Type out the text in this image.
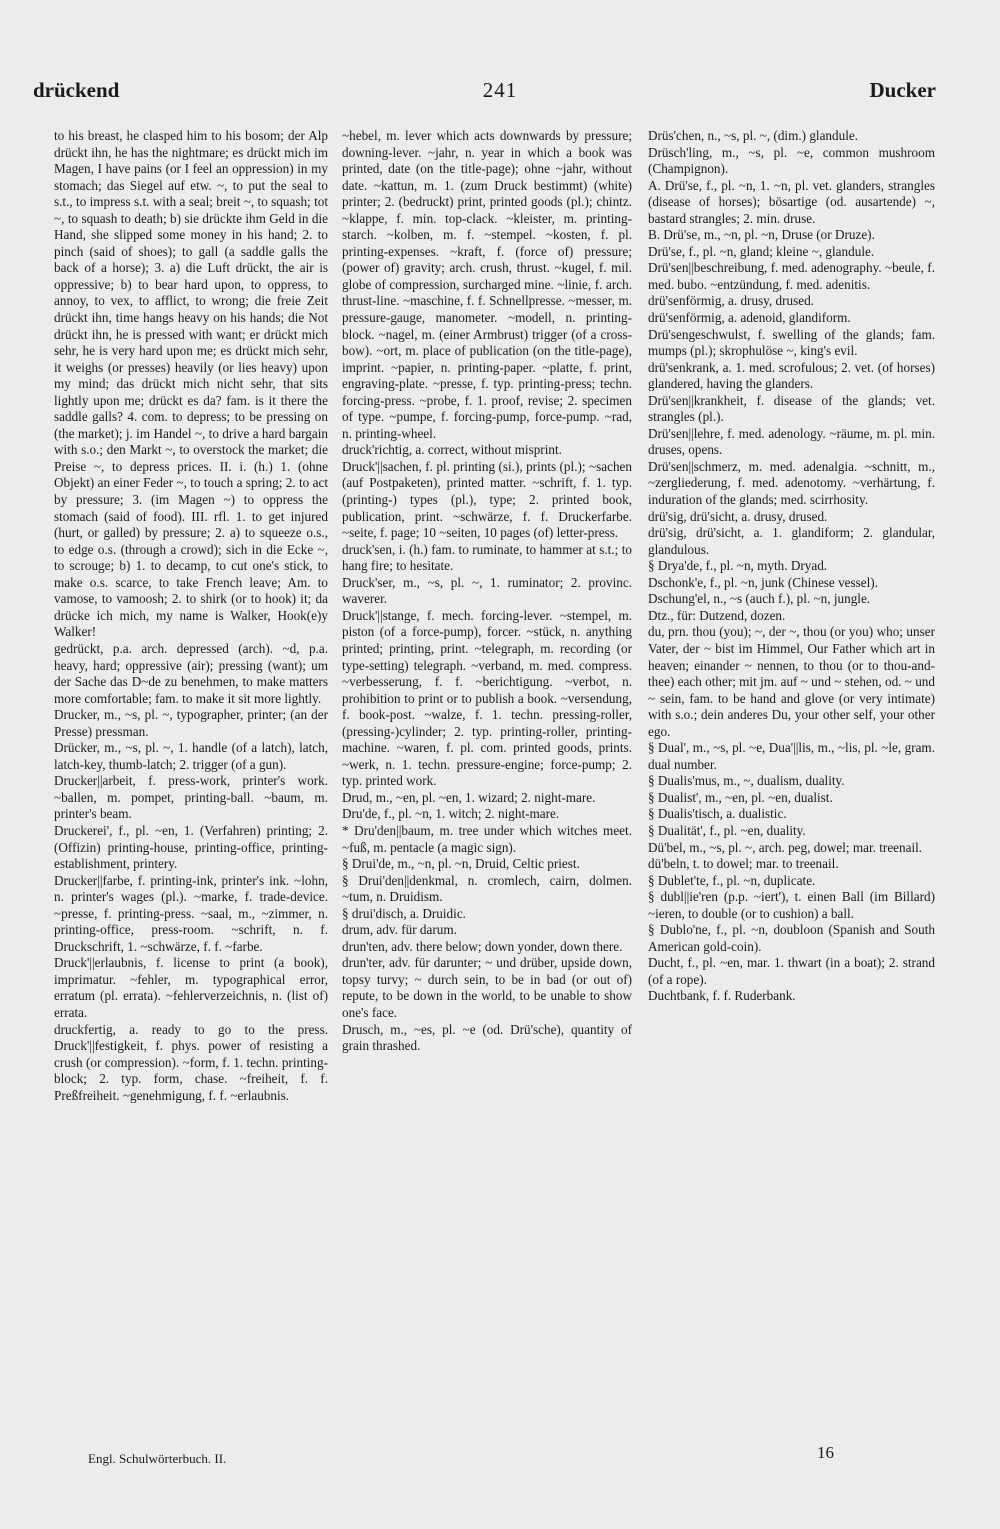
drückend	241	Ducker

to his breast, he clasped him to his bosom; der Alp drückt ihn, he has the nightmare; es drückt mich im Magen, I have pains (or I feel an oppression) in my stomach; das Siegel auf etw. ~, to put the seal to s.t., to impress s.t. with a seal; breit ~, to squash; tot ~, to squash to death; b) sie drückte ihm Geld in die Hand, she slipped some money in his hand; 2. to pinch (said of shoes); to gall (a saddle galls the back of a horse); 3. a) die Luft drückt, the air is oppressive; b) to bear hard upon, to oppress, to annoy, to vex, to afflict, to wrong; die freie Zeit drückt ihn, time hangs heavy on his hands; die Not drückt ihn, he is pressed with want; er drückt mich sehr, he is very hard upon me; es drückt mich sehr, it weighs (or presses) heavily (or lies heavy) upon my mind; das drückt mich nicht sehr, that sits lightly upon me; drückt es da? fam. is it there the saddle galls? 4. com. to depress; to be pressing on (the market); j. im Handel ~, to drive a hard bargain with s.o.; den Markt ~, to overstock the market; die Preise ~, to depress prices. II. i. (h.) 1. (ohne Objekt) an einer Feder ~, to touch a spring; 2. to act by pressure; 3. (im Magen ~) to oppress the stomach (said of food). III. rfl. 1. to get injured (hurt, or galled) by pressure; 2. a) to squeeze o.s., to edge o.s. (through a crowd); sich in die Ecke ~, to scrouge; b) 1. to decamp, to cut one's stick, to make o.s. scarce, to take French leave; Am. to vamose, to vamoosh; 2. to shirk (or to hook) it; da drücke ich mich, my name is Walker, Hook(e)y Walker!

gedrückt, p.a. arch. depressed (arch). ~d, p.a. heavy, hard; oppressive (air); pressing (want); um der Sache das D~de zu benehmen, to make matters more comfortable; fam. to make it sit more lightly.

Drucker, m., ~s, pl. ~, typographer, printer; (an der Presse) pressman.

Drücker, m., ~s, pl. ~, 1. handle (of a latch), latch, latch-key, thumb-latch; 2. trigger (of a gun).

Drucker||arbeit, f. press-work, printer's work. ~ballen, m. pompet, printing-ball. ~baum, m. printer's beam.

Druckerei', f., pl. ~en, 1. (Verfahren) printing; 2. (Offizin) printing-house, printing-office, printing-establishment, printery.

Drucker||farbe, f. printing-ink, printer's ink. ~lohn, n. printer's wages (pl.). ~marke, f. trade-device. ~presse, f. printing-press. ~saal, m., ~zimmer, n. printing-office, press-room. ~schrift, n. f. Druckschrift, 1. ~schwärze, f. f. ~farbe.

Druck'||erlaubnis, f. license to print (a book), imprimatur. ~fehler, m. typographical error, erratum (pl. errata). ~fehlerverzeichnis, n. (list of) errata.

druckfertig, a. ready to go to the press. Druck'||festigkeit, f. phys. power of resisting a crush (or compression). ~form, f. 1. techn. printing-block; 2. typ. form, chase. ~freiheit, f. f. Preßfreiheit. ~genehmigung, f. f. ~erlaubnis.

~hebel, m. lever which acts downwards by pressure; downing-lever. ~jahr, n. year in which a book was printed, date (on the title-page); ohne ~jahr, without date. ~kattun, m. 1. (zum Druck bestimmt) (white) printer; 2. (bedruckt) print, printed goods (pl.); chintz. ~klappe, f. min. top-clack. ~kleister, m. printing-starch. ~kolben, m. f. ~stempel. ~kosten, f. pl. printing-expenses. ~kraft, f. (force of) pressure; (power of) gravity; arch. crush, thrust. ~kugel, f. mil. globe of compression, surcharged mine. ~linie, f. arch. thrust-line. ~maschine, f. f. Schnellpresse. ~messer, m. pressure-gauge, manometer. ~modell, n. printing-block. ~nagel, m. (einer Armbrust) trigger (of a cross-bow). ~ort, m. place of publication (on the title-page), imprint. ~papier, n. printing-paper. ~platte, f. print, engraving-plate. ~presse, f. typ. printing-press; techn. forcing-press. ~probe, f. 1. proof, revise; 2. specimen of type. ~pumpe, f. forcing-pump, force-pump. ~rad, n. printing-wheel.

druck'richtig, a. correct, without misprint.

Druck'||sachen, f. pl. printing (si.), prints (pl.); ~sachen (auf Postpaketen), printed matter. ~schrift, f. 1. typ. (printing-) types (pl.), type; 2. printed book, publication, print. ~schwärze, f. f. Druckerfarbe. ~seite, f. page; 10 ~seiten, 10 pages (of) letter-press.

druck'sen, i. (h.) fam. to ruminate, to hammer at s.t.; to hang fire; to hesitate.

Druck'ser, m., ~s, pl. ~, 1. ruminator; 2. provinc. waverer.

Druck'||stange, f. mech. forcing-lever. ~stempel, m. piston (of a force-pump), forcer. ~stück, n. anything printed; printing, print. ~telegraph, m. recording (or type-setting) telegraph. ~verband, m. med. compress. ~verbesserung, f. f. ~berichtigung. ~verbot, n. prohibition to print or to publish a book. ~versendung, f. book-post. ~walze, f. 1. techn. pressing-roller, (pressing-)cylinder; 2. typ. printing-roller, printing-machine. ~waren, f. pl. com. printed goods, prints. ~werk, n. 1. techn. pressure-engine; force-pump; 2. typ. printed work.

Drud, m., ~en, pl. ~en, 1. wizard; 2. night-mare.

Dru'de, f., pl. ~n, 1. witch; 2. night-mare.

* Dru'den||baum, m. tree under which witches meet. ~fuß, m. pentacle (a magic sign).

§ Drui'de, m., ~n, pl. ~n, Druid, Celtic priest.

§ Drui'den||denkmal, n. cromlech, cairn, dolmen. ~tum, n. Druidism.

§ drui'disch, a. Druidic.

drum, adv. für darum.

drun'ten, adv. there below; down yonder, down there.

drun'ter, adv. für darunter; ~ und drüber, upside down, topsy turvy; ~ durch sein, to be in bad (or out of) repute, to be down in the world, to be unable to show one's face.

Drusch, m., ~es, pl. ~e (od. Drü'sche), quantity of grain thrashed.

Drüs'chen, n., ~s, pl. ~, (dim.) glandule.

Drüsch'ling, m., ~s, pl. ~e, common mushroom (Champignon).

A. Drü'se, f., pl. ~n, 1. ~n, pl. vet. glanders, strangles (disease of horses); bösartige (od. ausartende) ~, bastard strangles; 2. min. druse.

B. Drü'se, m., ~n, pl. ~n, Druse (or Druze).

Drü'se, f., pl. ~n, gland; kleine ~, glandule.

Drü'sen||beschreibung, f. med. adenography. ~beule, f. med. bubo. ~entzündung, f. med. adenitis.

drü'senförmig, a. drusy, drused.

drü'senförmig, a. adenoid, glandiform.

Drü'sengeschwulst, f. swelling of the glands; fam. mumps (pl.); skrophulöse ~, king's evil.

drü'senkrank, a. 1. med. scrofulous; 2. vet. (of horses) glandered, having the glanders.

Drü'sen||krankheit, f. disease of the glands; vet. strangles (pl.).

Drü'sen||lehre, f. med. adenology. ~räume, m. pl. min. druses, opens.

Drü'sen||schmerz, m. med. adenalgia. ~schnitt, m., ~zergliederung, f. med. adenotomy. ~verhärtung, f. induration of the glands; med. scirrhosity.

drü'sig, drü'sicht, a. drusy, drused.

drü'sig, drü'sicht, a. 1. glandiform; 2. glandular, glandulous.

§ Drya'de, f., pl. ~n, myth. Dryad.

Dschonk'e, f., pl. ~n, junk (Chinese vessel).

Dschung'el, n., ~s (auch f.), pl. ~n, jungle.

Dtz., für: Dutzend, dozen.

du, prn. thou (you); ~, der ~, thou (or you) who; unser Vater, der ~ bist im Himmel, Our Father which art in heaven; einander ~ nennen, to thou (or to thou-and-thee) each other; mit jm. auf ~ und ~ stehen, od. ~ und ~ sein, fam. to be hand and glove (or very intimate) with s.o.; dein anderes Du, your other self, your other ego.

§ Dual', m., ~s, pl. ~e, Dua'||lis, m., ~lis, pl. ~le, gram. dual number.

§ Dualis'mus, m., ~, dualism, duality.

§ Dualist', m., ~en, pl. ~en, dualist.

§ Dualis'tisch, a. dualistic.

§ Dualität', f., pl. ~en, duality.

Dü'bel, m., ~s, pl. ~, arch. peg, dowel; mar. treenail.

dü'beln, t. to dowel; mar. to treenail.

§ Dublet'te, f., pl. ~n, duplicate.

§ dubl||ie'ren (p.p. ~iert'), t. einen Ball (im Billard) ~ieren, to double (or to cushion) a ball.

§ Dublo'ne, f., pl. ~n, doubloon (Spanish and South American gold-coin).

Ducht, f., pl. ~en, mar. 1. thwart (in a boat); 2. strand (of a rope).

Duchtbank, f. f. Ruderbank.

Engl. Schulwörterbuch. II.	16
